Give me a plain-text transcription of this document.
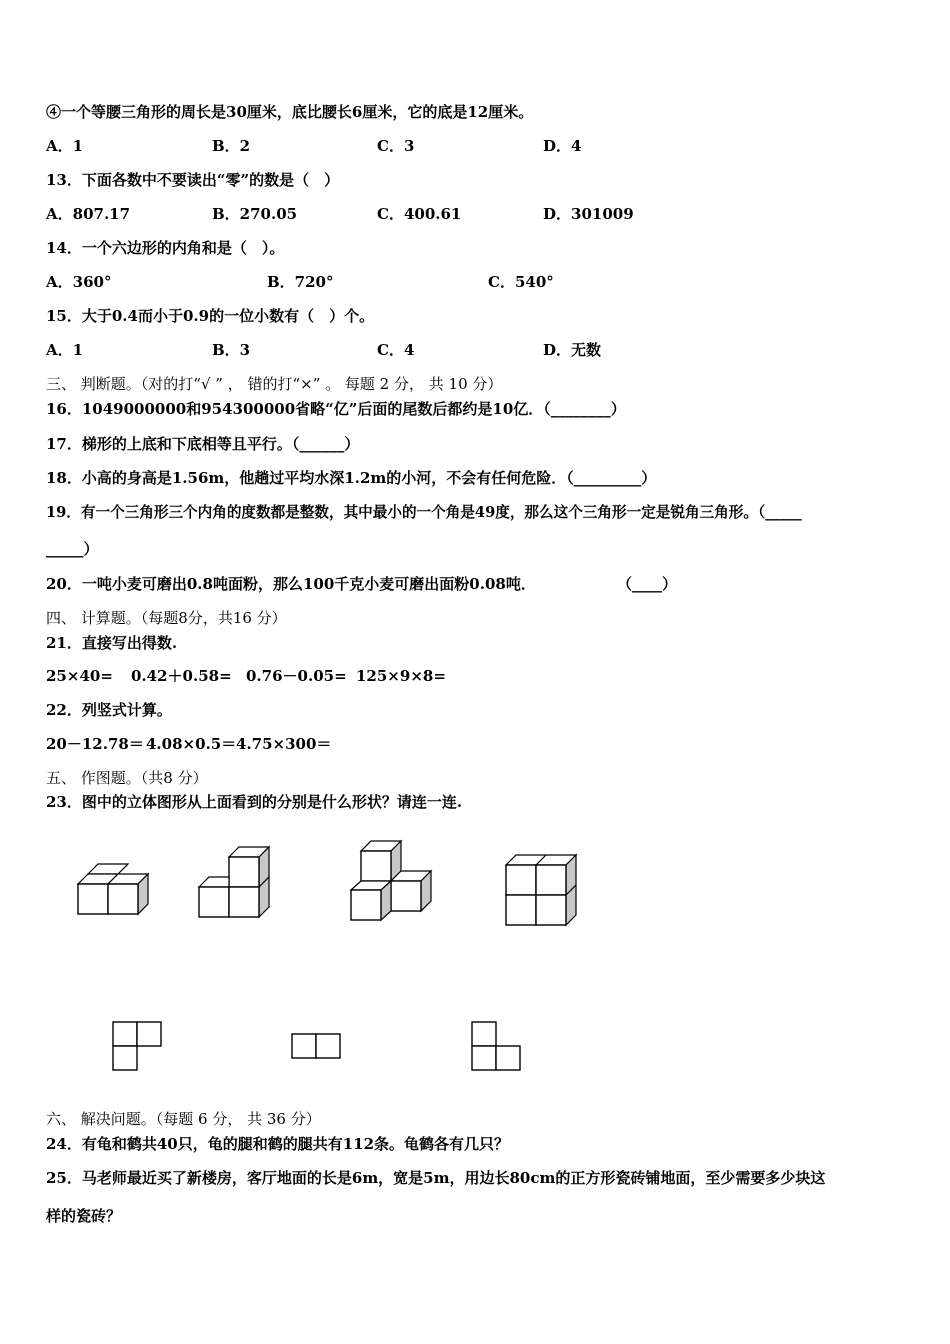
④一个等腰三角形的周长是30厘米，底比腰长6厘米，它的底是12厘米。
A．1	B．2	C．3	D．4
13．下面各数中不要读出“零”的数是（　）
A．807.17	B．270.05	C．400.61	D．301009
14．一个六边形的内角和是（　）。
A．360°	B．720°	C．540°
15．大于0.4而小于0.9的一位小数有（　）个。
A．1	B．3	C．4	D．无数
三、 判断题。（对的打“√ ” ， 错的打“×” 。 每题 2 分， 共 10 分）
16．1049000000和954300000省略“亿”后面的尾数后都约是10亿．（________）
17．梯形的上底和下底相等且平行。（______）
18．小高的身高是1.56m，他趟过平均水深1.2m的小河，不会有任何危险．（_________）
19．有一个三角形三个内角的度数都是整数，其中最小的一个角是49度，那么这个三角形一定是锐角三角形。（_____
_____）
20．一吨小麦可磨出0.8吨面粉，那么100千克小麦可磨出面粉0.08吨．	（____）
四、 计算题。（每题8分，共16 分）
21．直接写出得数.
25×40= 0.42＋0.58= 0.76－0.05= 125×9×8=
22．列竖式计算。
20－12.78＝ 4.08×0.5＝ 4.75×300＝
五、 作图题。（共8 分）
23．图中的立体图形从上面看到的分别是什么形状？请连一连.
六、 解决问题。（每题 6 分， 共 36 分）
24．有龟和鹤共40只，龟的腿和鹤的腿共有112条。龟鹤各有几只？
25．马老师最近买了新楼房，客厅地面的长是6m，宽是5m，用边长80cm的正方形瓷砖铺地面，至少需要多少块这
样的瓷砖？
